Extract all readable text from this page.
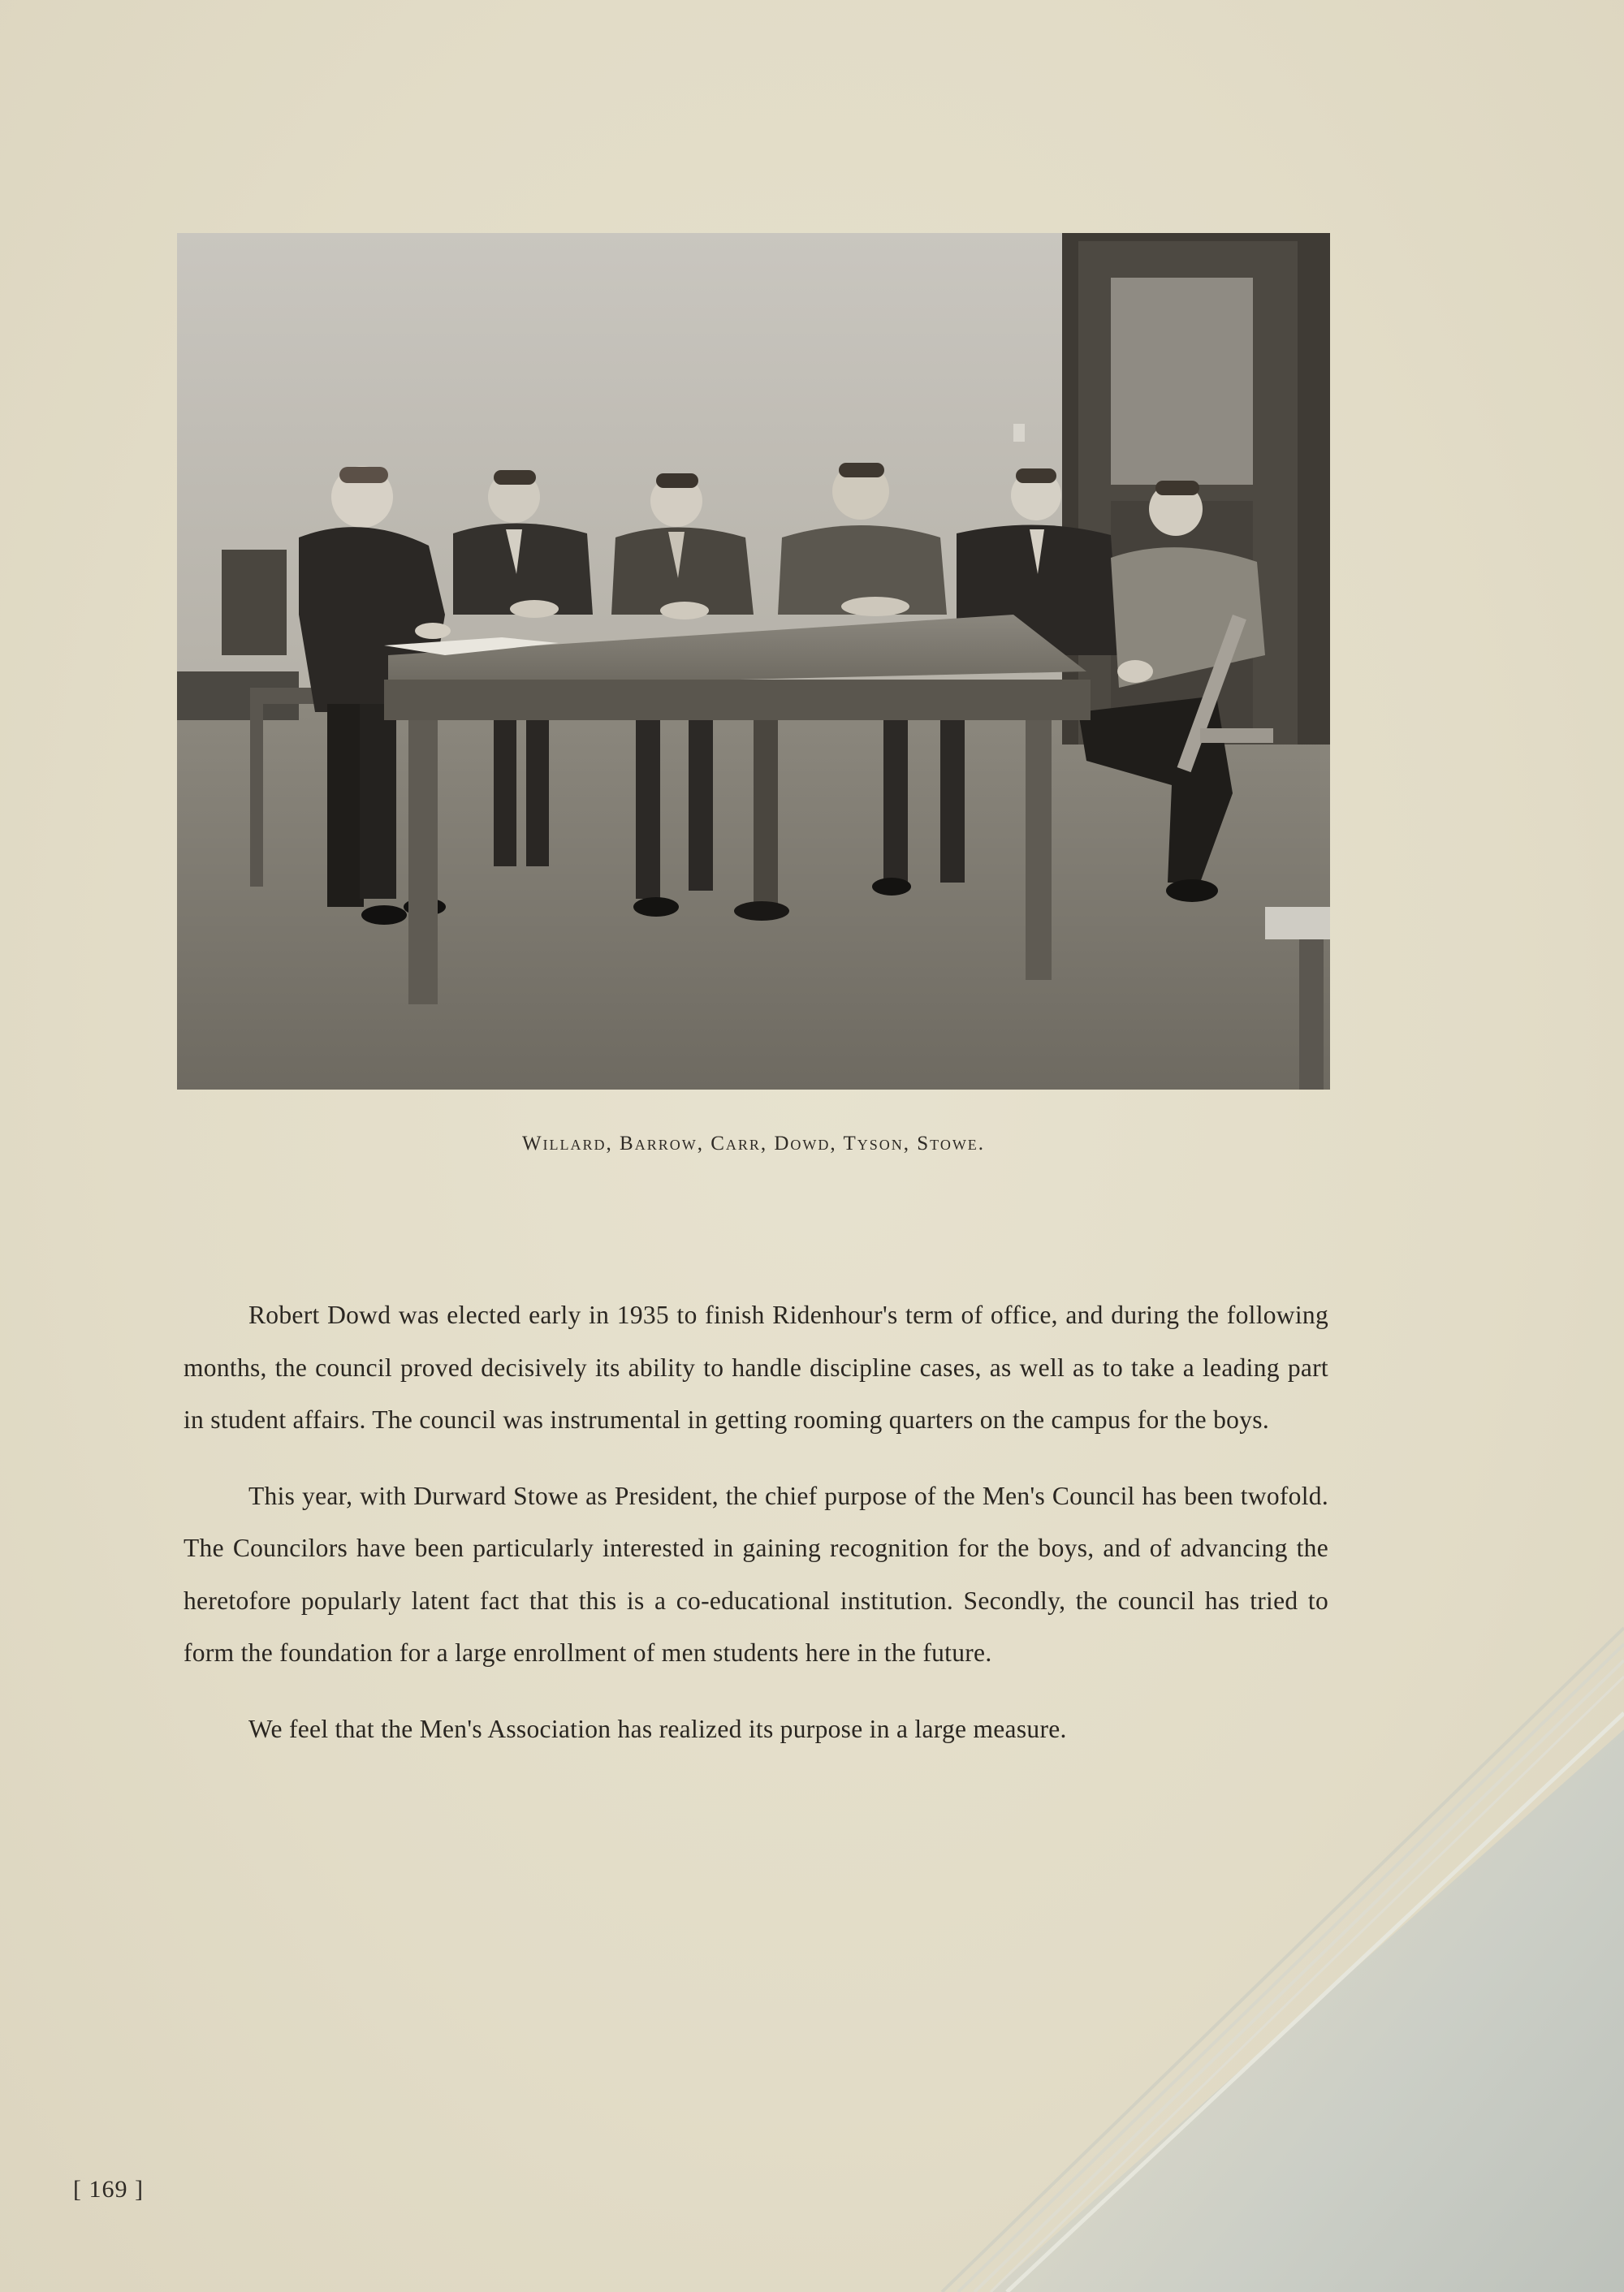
Willard, Barrow, Carr, Dowd, Tyson, Stowe.

Robert Dowd was elected early in 1935 to finish Ridenhour's term of office, and during the following months, the council proved decisively its ability to handle discipline cases, as well as to take a leading part in student affairs. The council was instrumental in getting rooming quarters on the campus for the boys.

This year, with Durward Stowe as President, the chief purpose of the Men's Council has been twofold. The Councilors have been particularly interested in gaining recognition for the boys, and of advancing the heretofore popularly latent fact that this is a co-educational institution. Secondly, the council has tried to form the foundation for a large enrollment of men students here in the future.

We feel that the Men's Association has realized its purpose in a large measure.

[ 169 ]
